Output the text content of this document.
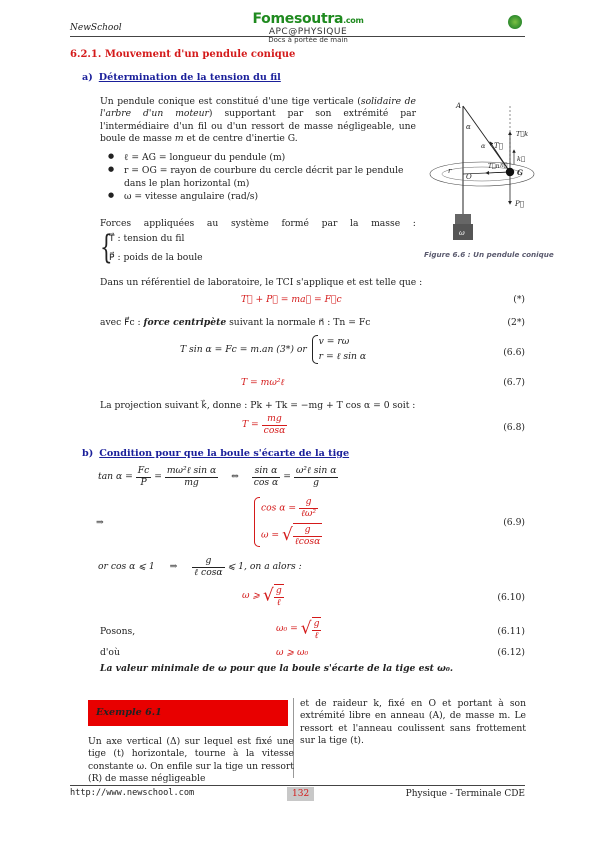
NewSchool
Fomesoutra.com
APC@PHYSIQUE
Docs à portée de main
6.2.1. Mouvement d'un pendule conique
a) Détermination de la tension du fil
Un pendule conique est constitué d'une tige verticale (solidaire de l'arbre d'un moteur) supportant par son extrémité par l'intermédiaire d'un fil ou d'un ressort de masse négligeable, une boule de masse m et de centre d'inertie G.
● ℓ = AG = longueur du pendule (m)
● r = OG = rayon de courbure du cercle décrit par le pendule dans le plan horizontal (m)
● ω = vitesse angulaire (rad/s)
Forces appliquées au système formé par la masse :
{
T⃗ : tension du fil
P⃗ : poids de la boule
Dans un référentiel de laboratoire, le TCI s'applique et est telle que :
T⃗ + P⃗ = ma⃗ = F⃗c	(*)
avec F⃗c : force centripète suivant la normale n⃗ : Tn = Fc	(2*)
T sin α = Fc = m.an (3*) or
v = rω
r = ℓ sin α	(6.6)
T = mω²ℓ	(6.7)
La projection suivant k⃗, donne : Pk + Tk = −mg + T cos α = 0 soit :
$T = \frac{mg}{\cos\alpha}$	(6.8)
b) Condition pour que la boule s'écarte de la tige
$\tan \alpha = \frac{Fc}{P} = \frac{\text{mω²ℓ sin α}}{mg}$ ⇔ $\frac{\text{sin α}}{\text{cos α}} = \frac{\text{ω²ℓ sin α}}{g}$
⇒
$\cos \alpha = \frac{g}{\text{ℓω²}}$
ω = √ $\frac{g}{\text{ℓcosα}}$
(6.9)
or cos α ⩽ 1 ⇒ $\frac{g}{\text{ℓ cosα}}$ ⩽ 1, on a alors :
ω ⩾ √ $\frac{g}{\text{ℓ}}$	(6.10)
Posons,	ω₀ = √ $\frac{g}{\text{ℓ}}$	(6.11)
d'où	ω ⩾ ω₀	(6.12)
La valeur minimale de ω pour que la boule s'écarte de la tige est ω₀.
Exemple 6.1
Un axe vertical (Δ) sur lequel est fixé une tige (t) horizontale, tourne à la vitesse constante ω. On enfile sur la tige un ressort (R) de masse négligeable
et de raideur k, fixé en O et portant à son extrémité libre en anneau (A), de masse m. Le ressort et l'anneau coulissent sans frottement sur la tige (t).
A
α
α T⃗
T⃗k
k⃗
T⃗n n⃗
r
O	G
P⃗
ω
Figure 6.6 : Un pendule conique
http://www.newschool.com	132	Physique - Terminale CDE
